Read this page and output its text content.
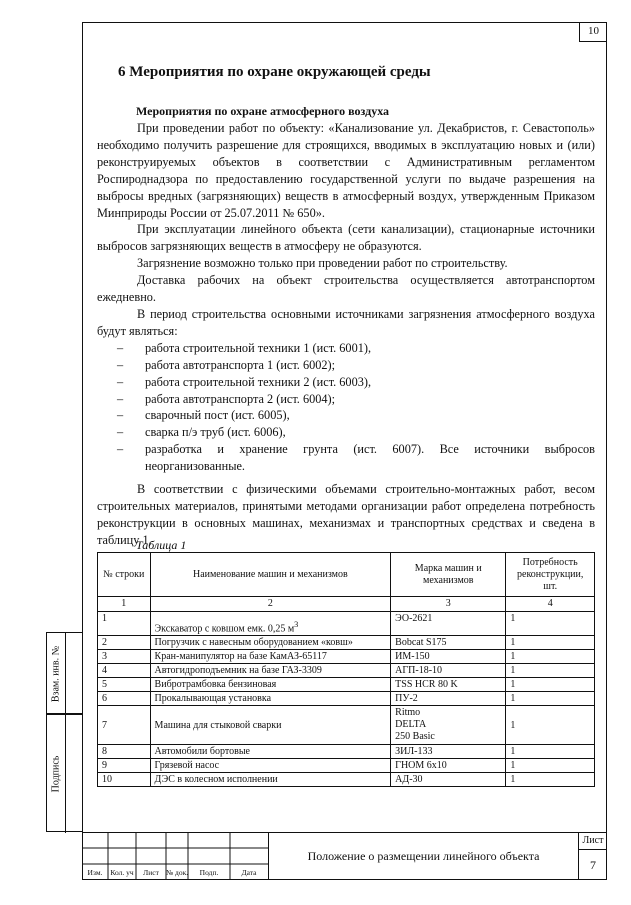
10
6 Мероприятия по охране окружающей среды
Мероприятия по охране атмосферного воздуха

При проведении работ по объекту: «Канализование ул. Декабристов, г. Севастополь» необходимо получить разрешение для строящихся, вводимых в эксплуатацию новых и (или) реконструируемых объектов в соответствии с Административным регламентом Роспироднадзора по предоставлению государственной услуги по выдаче разрешения на выбросы вредных (загрязняющих) веществ в атмосферный воздух, утвержденным Приказом Минприроды России от 25.07.2011 № 650».

При эксплуатации линейного объекта (сети канализации), стационарные источники выбросов загрязняющих веществ в атмосферу не образуются.

Загрязнение возможно только при проведении работ по строительству.

Доставка рабочих на объект строительства осуществляется автотранспортом ежедневно.

В период строительства основными источниками загрязнения атмосферного воздуха будут являться:

– работа строительной техники 1 (ист. 6001),
– работа автотранспорта 1 (ист. 6002);
– работа строительной техники 2 (ист. 6003),
– работа автотранспорта 2 (ист. 6004);
– сварочный пост (ист. 6005),
– сварка п/э труб (ист. 6006),
– разработка и хранение грунта (ист. 6007). Все источники выбросов неорганизованные.

В соответствии с физическими объемами строительно-монтажных работ, весом строительных материалов, принятыми методами организации работ определена потребность реконструкции в основных машинах, механизмах и транспортных средствах и сведена в таблицу 1.

Таблица 1
№ строки	Наименование машин и механизмов	Марка машин и механизмов	Потребность реконструкции, шт.
1	2	3	4
1	Экскаватор с ковшом емк. 0,25 $м^3$	ЭО-2621	1
2	Погрузчик с навесным оборудованием «ковш»	Bobcat S175	1
3	Кран-манипулятор на базе КамАЗ-65117	ИМ-150	1
4	Автогидроподъемник на базе ГАЗ-3309	АГП-18-10	1
5	Вибротрамбовка бензиновая	TSS HCR 80 K	1
6	Прокалывающая установка	ПУ-2	1
7	Машина для стыковой сварки	Ritmo
DELTA
250 Basic	1
8	Автомобили бортовые	ЗИЛ-133	1
9	Грязевой насос	ГНОМ 6х10	1
10	ДЭС в колесном исполнении	АД-30	1
Взам. инв. №
Подпись
Изм.	Кол. уч	Лист № док.	Подп.	Дата
Положение о размещении линейного объекта
Лист
7
